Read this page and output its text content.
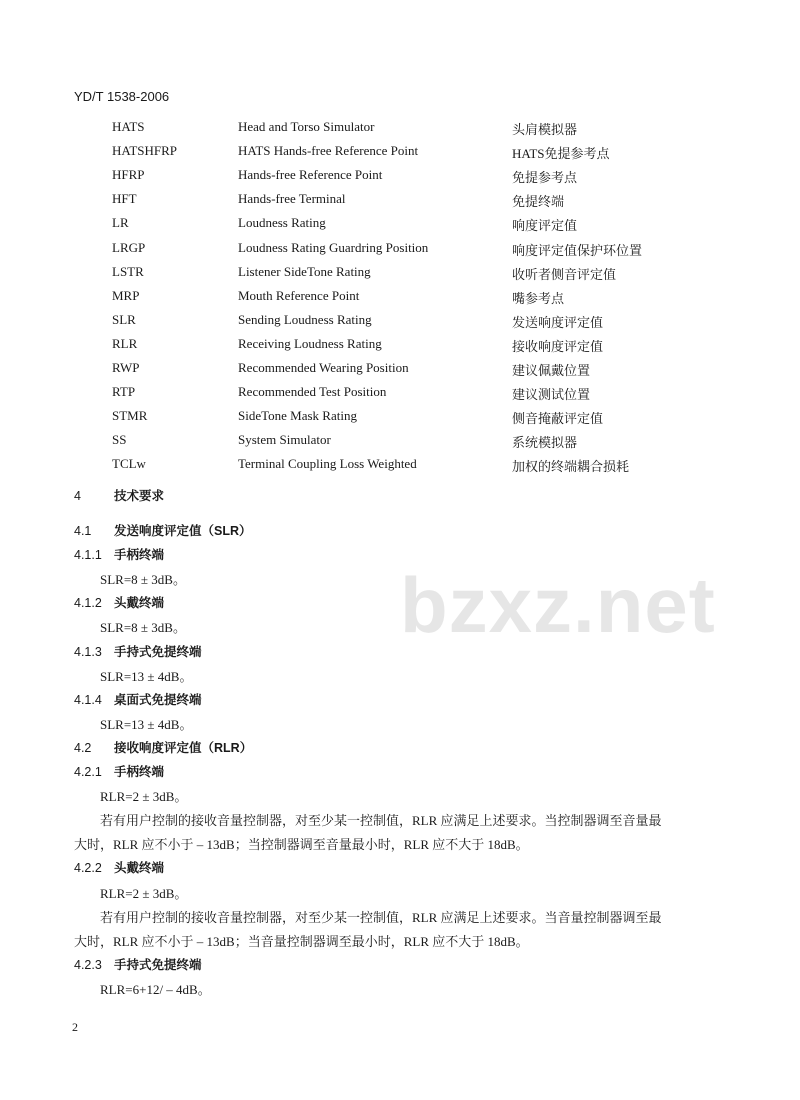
YD/T 1538-2006
bzxz.net
HATS	Head and Torso Simulator	头肩模拟器
HATSHFRP	HATS Hands-free Reference Point	HATS免提参考点
HFRP	Hands-free Reference Point	免提参考点
HFT	Hands-free Terminal	免提终端
LR	Loudness Rating	响度评定值
LRGP	Loudness Rating Guardring Position	响度评定值保护环位置
LSTR	Listener SideTone Rating	收听者侧音评定值
MRP	Mouth Reference Point	嘴参考点
SLR	Sending Loudness Rating	发送响度评定值
RLR	Receiving Loudness Rating	接收响度评定值
RWP	Recommended Wearing Position	建议佩戴位置
RTP	Recommended Test Position	建议测试位置
STMR	SideTone Mask Rating	侧音掩蔽评定值
SS	System Simulator	系统模拟器
TCLw	Terminal Coupling Loss Weighted	加权的终端耦合损耗
4	技术要求
4.1 发送响度评定值（SLR）
4.1.1 手柄终端
SLR=8 ± 3dB。
4.1.2 头戴终端
SLR=8 ± 3dB。
4.1.3 手持式免提终端
SLR=13 ± 4dB。
4.1.4 桌面式免提终端
SLR=13 ± 4dB。
4.2 接收响度评定值（RLR）
4.2.1 手柄终端
RLR=2 ± 3dB。
若有用户控制的接收音量控制器，对至少某一控制值，RLR 应满足上述要求。当控制器调至音量最
大时，RLR 应不小于 – 13dB；当控制器调至音量最小时，RLR 应不大于 18dB。
4.2.2 头戴终端
RLR=2 ± 3dB。
若有用户控制的接收音量控制器，对至少某一控制值，RLR 应满足上述要求。当音量控制器调至最
大时，RLR 应不小于 – 13dB；当音量控制器调至最小时，RLR 应不大于 18dB。
4.2.3 手持式免提终端
RLR=6+12/ – 4dB。
2
